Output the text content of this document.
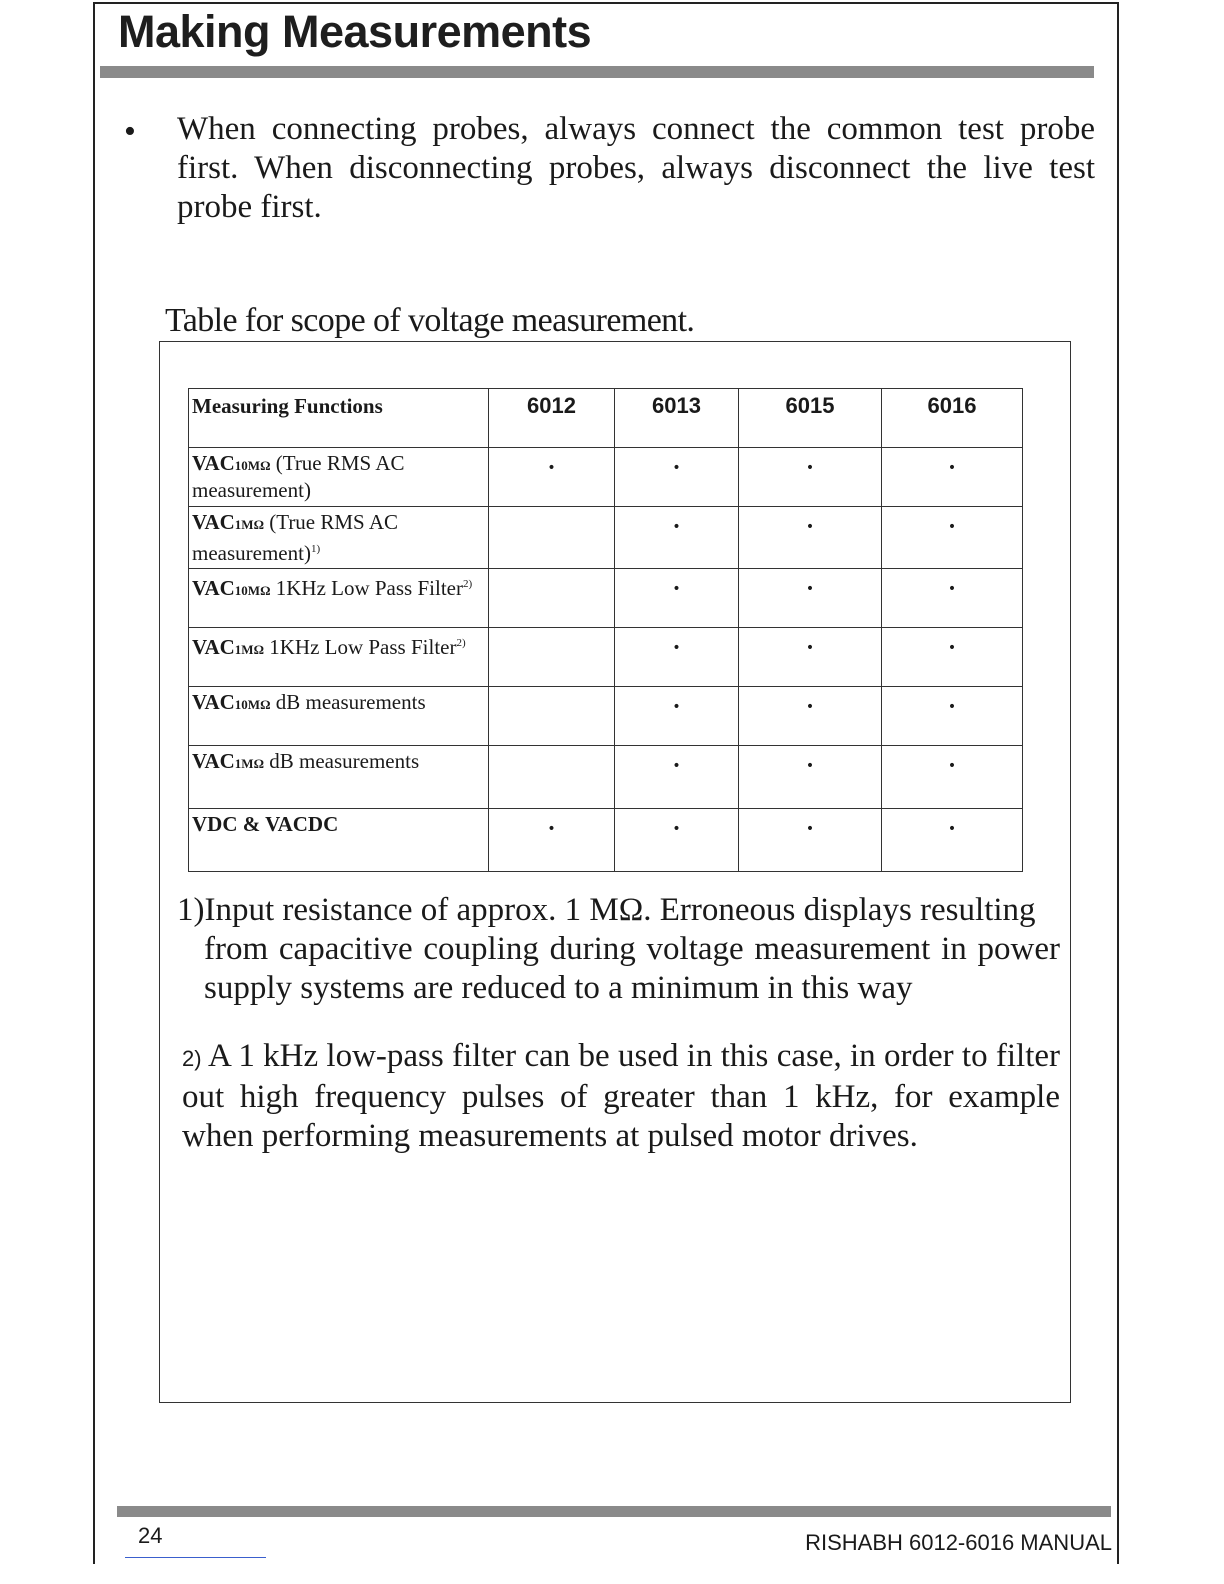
Making Measurements
• When connecting probes, always connect the common test probe first. When disconnecting probes, always disconnect the live test probe first.
Table for scope of voltage measurement.
Measuring Functions	6012	6013	6015	6016
VAC10MΩ (True RMS AC measurement)	•	•	•	•
VAC1MΩ (True RMS AC measurement)$^{1)}$		•	•	•
VAC10MΩ 1KHz Low Pass Filter$^{2)}$		•	•	•
VAC1MΩ 1KHz Low Pass Filter$^{2)}$		•	•	•
VAC10MΩ dB measurements		•	•	•
VAC1MΩ dB measurements		•	•	•
VDC & VACDC	•	•	•	•
1)Input resistance of approx. 1 MΩ. Erroneous displays resulting
from capacitive coupling during voltage measurement in power supply systems are reduced to a minimum in this way
2) A 1 kHz low-pass filter can be used in this case, in order to filter out high frequency pulses of greater than 1 kHz, for example when performing measurements at pulsed motor drives.
24	RISHABH 6012-6016 MANUAL
